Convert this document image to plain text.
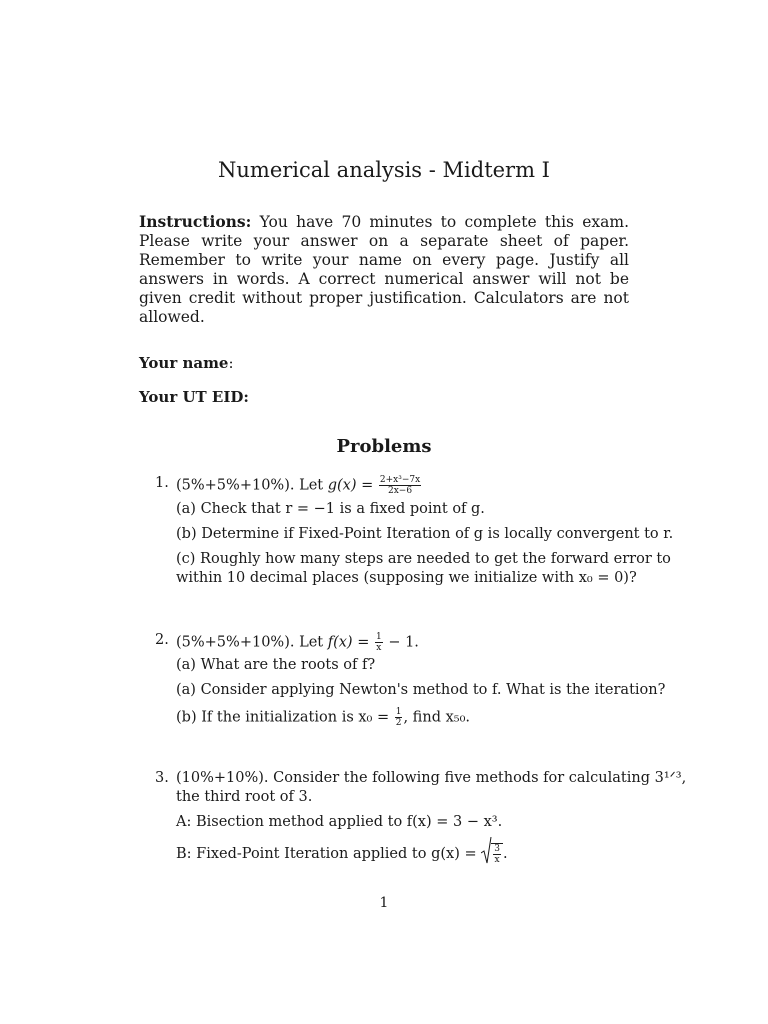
Numerical analysis - Midterm I
Instructions: You have 70 minutes to complete this exam. Please write your answer on a separate sheet of paper. Remember to write your name on every page. Justify all answers in words. A correct numerical answer will not be given credit without proper justification. Calculators are not allowed.
Your name:
Your UT EID:
Problems
1. (5%+5%+10%). Let $g(x) = \frac{\text{2+x³−7x}}{2x-6}$
(a) Check that r = −1 is a fixed point of g.
(b) Determine if Fixed-Point Iteration of g is locally convergent to r.
(c) Roughly how many steps are needed to get the forward error to
within 10 decimal places (supposing we initialize with x₀ = 0)?
2. (5%+5%+10%). Let $f(x) = \frac{1}{x} - 1$.
(a) What are the roots of f?
(a) Consider applying Newton's method to f. What is the iteration?
(b) If the initialization is $x_0 = \frac{1}{2}$ , find x₅₀.
3. (10%+10%). Consider the following five methods for calculating 3¹ᐟ³,
the third root of 3.
A: Bisection method applied to f(x) = 3 − x³.
B: Fixed-Point Iteration applied to $g(x) = \frac{3}{x}$ .
1
